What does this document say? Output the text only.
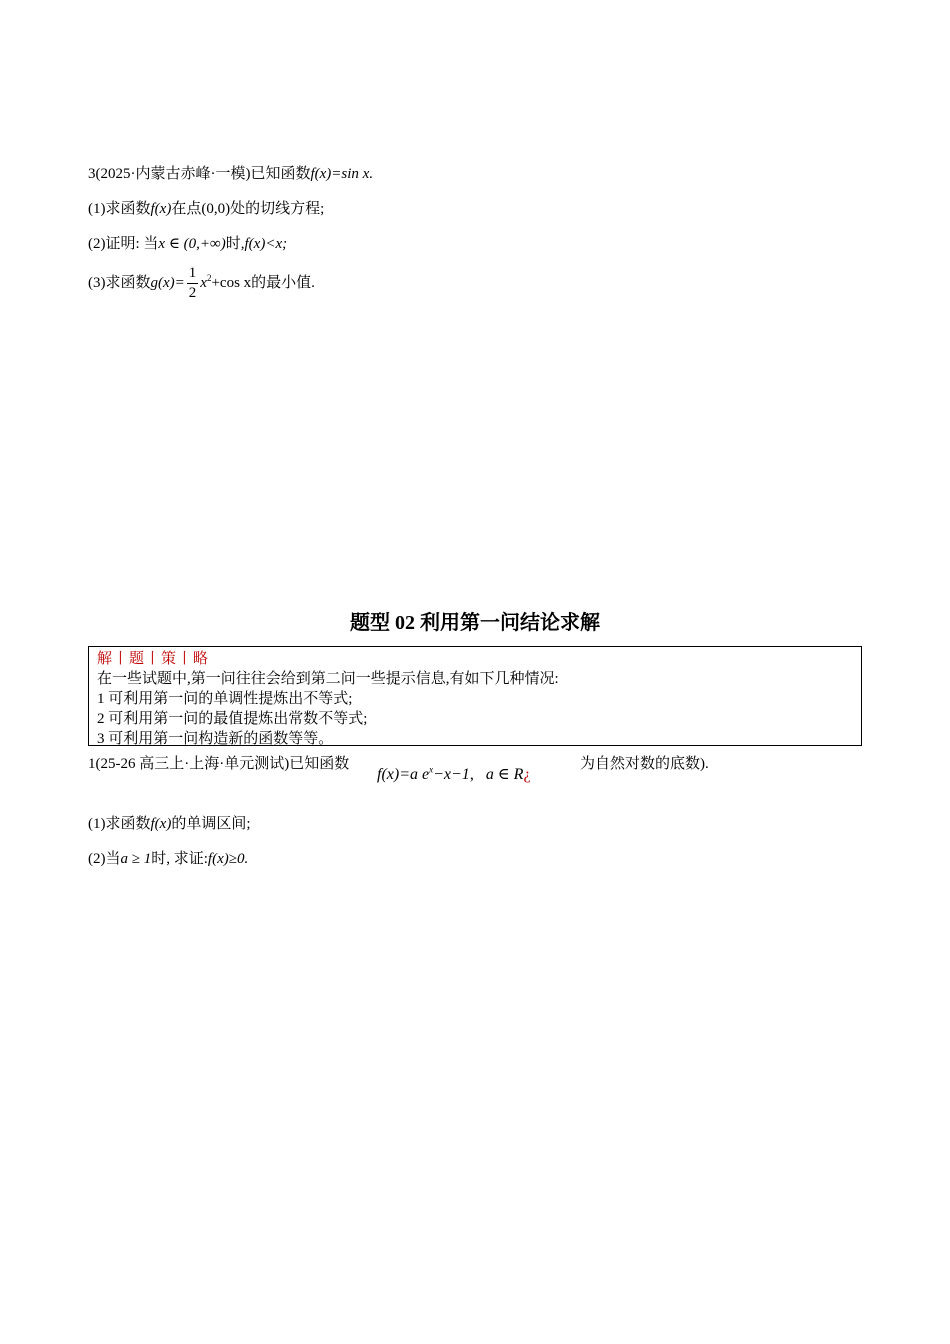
3(2025·内蒙古赤峰·一模)已知函数f(x)=sin x.
(1)求函数f(x)在点(0,0)处的切线方程;
(2)证明: 当x ∈ (0,+∞)时,f(x)<x;
(3)求函数$g(x)= \frac{1}{2} x^2+\cos$ x的最小值.
题型 02 利用第一问结论求解
解丨题丨策丨略
在一些试题中,第一问往往会给到第二问一些提示信息,有如下几种情况:
1 可利用第一问的单调性提炼出不等式;
2 可利用第一问的最值提炼出常数不等式;
3 可利用第一问构造新的函数等等。
1(25-26 高三上·上海·单元测试)已知函数
f(x)=a $e^x-x-1$, a ∈ R¿
为自然对数的底数).
(1)求函数f(x)的单调区间;
(2)当a ≥ 1时, 求证:f(x)≥0.
